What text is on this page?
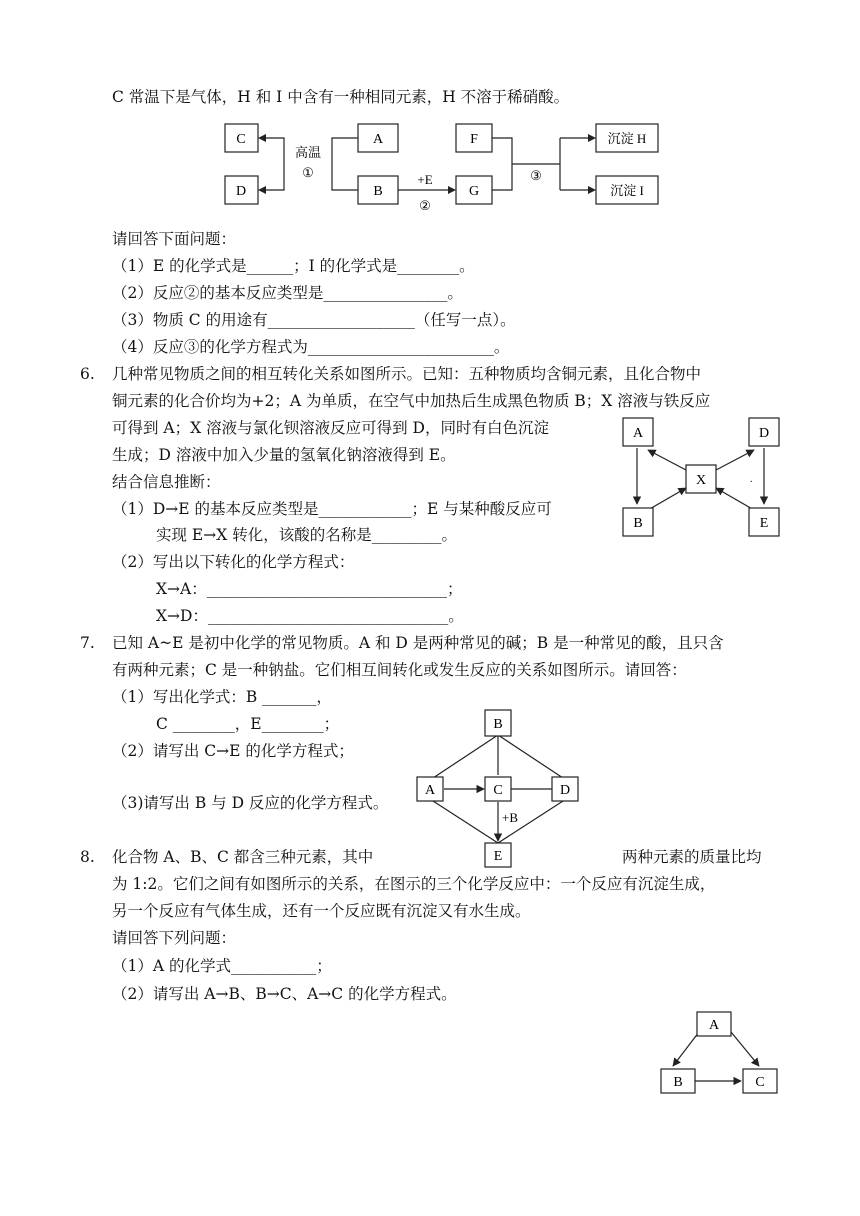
C 常温下是气体，H 和 I 中含有一种相同元素，H 不溶于稀硝酸。
C
D
A
B
F
G
沉淀 H
沉淀 I
高温
①	+E
②
③
请回答下面问题：
（1）E 的化学式是______；I 的化学式是________。
（2）反应②的基本反应类型是________________。
（3）物质 C 的用途有___________________（任写一点）。
（4）反应③的化学方程式为________________________。
6. 几种常见物质之间的相互转化关系如图所示。已知：五种物质均含铜元素，且化合物中
铜元素的化合价均为+2；A 为单质，在空气中加热后生成黑色物质 B；X 溶液与铁反应
可得到 A；X 溶液与氯化钡溶液反应可得到 D，同时有白色沉淀
生成；D 溶液中加入少量的氢氧化钠溶液得到 E。
结合信息推断：
（1）D→E 的基本反应类型是____________；E 与某种酸反应可
实现 E→X 转化，该酸的名称是_________。
（2）写出以下转化的化学方程式：
X→A：_______________________________；
X→D：_______________________________。
A	D
X
B	E
.
7. 已知 A~E 是初中化学的常见物质。A 和 D 是两种常见的碱；B 是一种常见的酸，且只含
有两种元素；C 是一种钠盐。它们相互间转化或发生反应的关系如图所示。请回答：
（1）写出化学式：B _______，
C ________，E________；
（2）请写出 C→E 的化学方程式；
（3)请写出 B 与 D 反应的化学方程式。
B
A	C	D
E
+B
8. 化合物 A、B、C 都含三种元素，其中	两种元素的质量比均
为 1:2。它们之间有如图所示的关系，在图示的三个化学反应中：一个反应有沉淀生成，
另一个反应有气体生成，还有一个反应既有沉淀又有水生成。
请回答下列问题：
（1）A 的化学式___________；
（2）请写出 A→B、B→C、A→C 的化学方程式。
A
B	C
